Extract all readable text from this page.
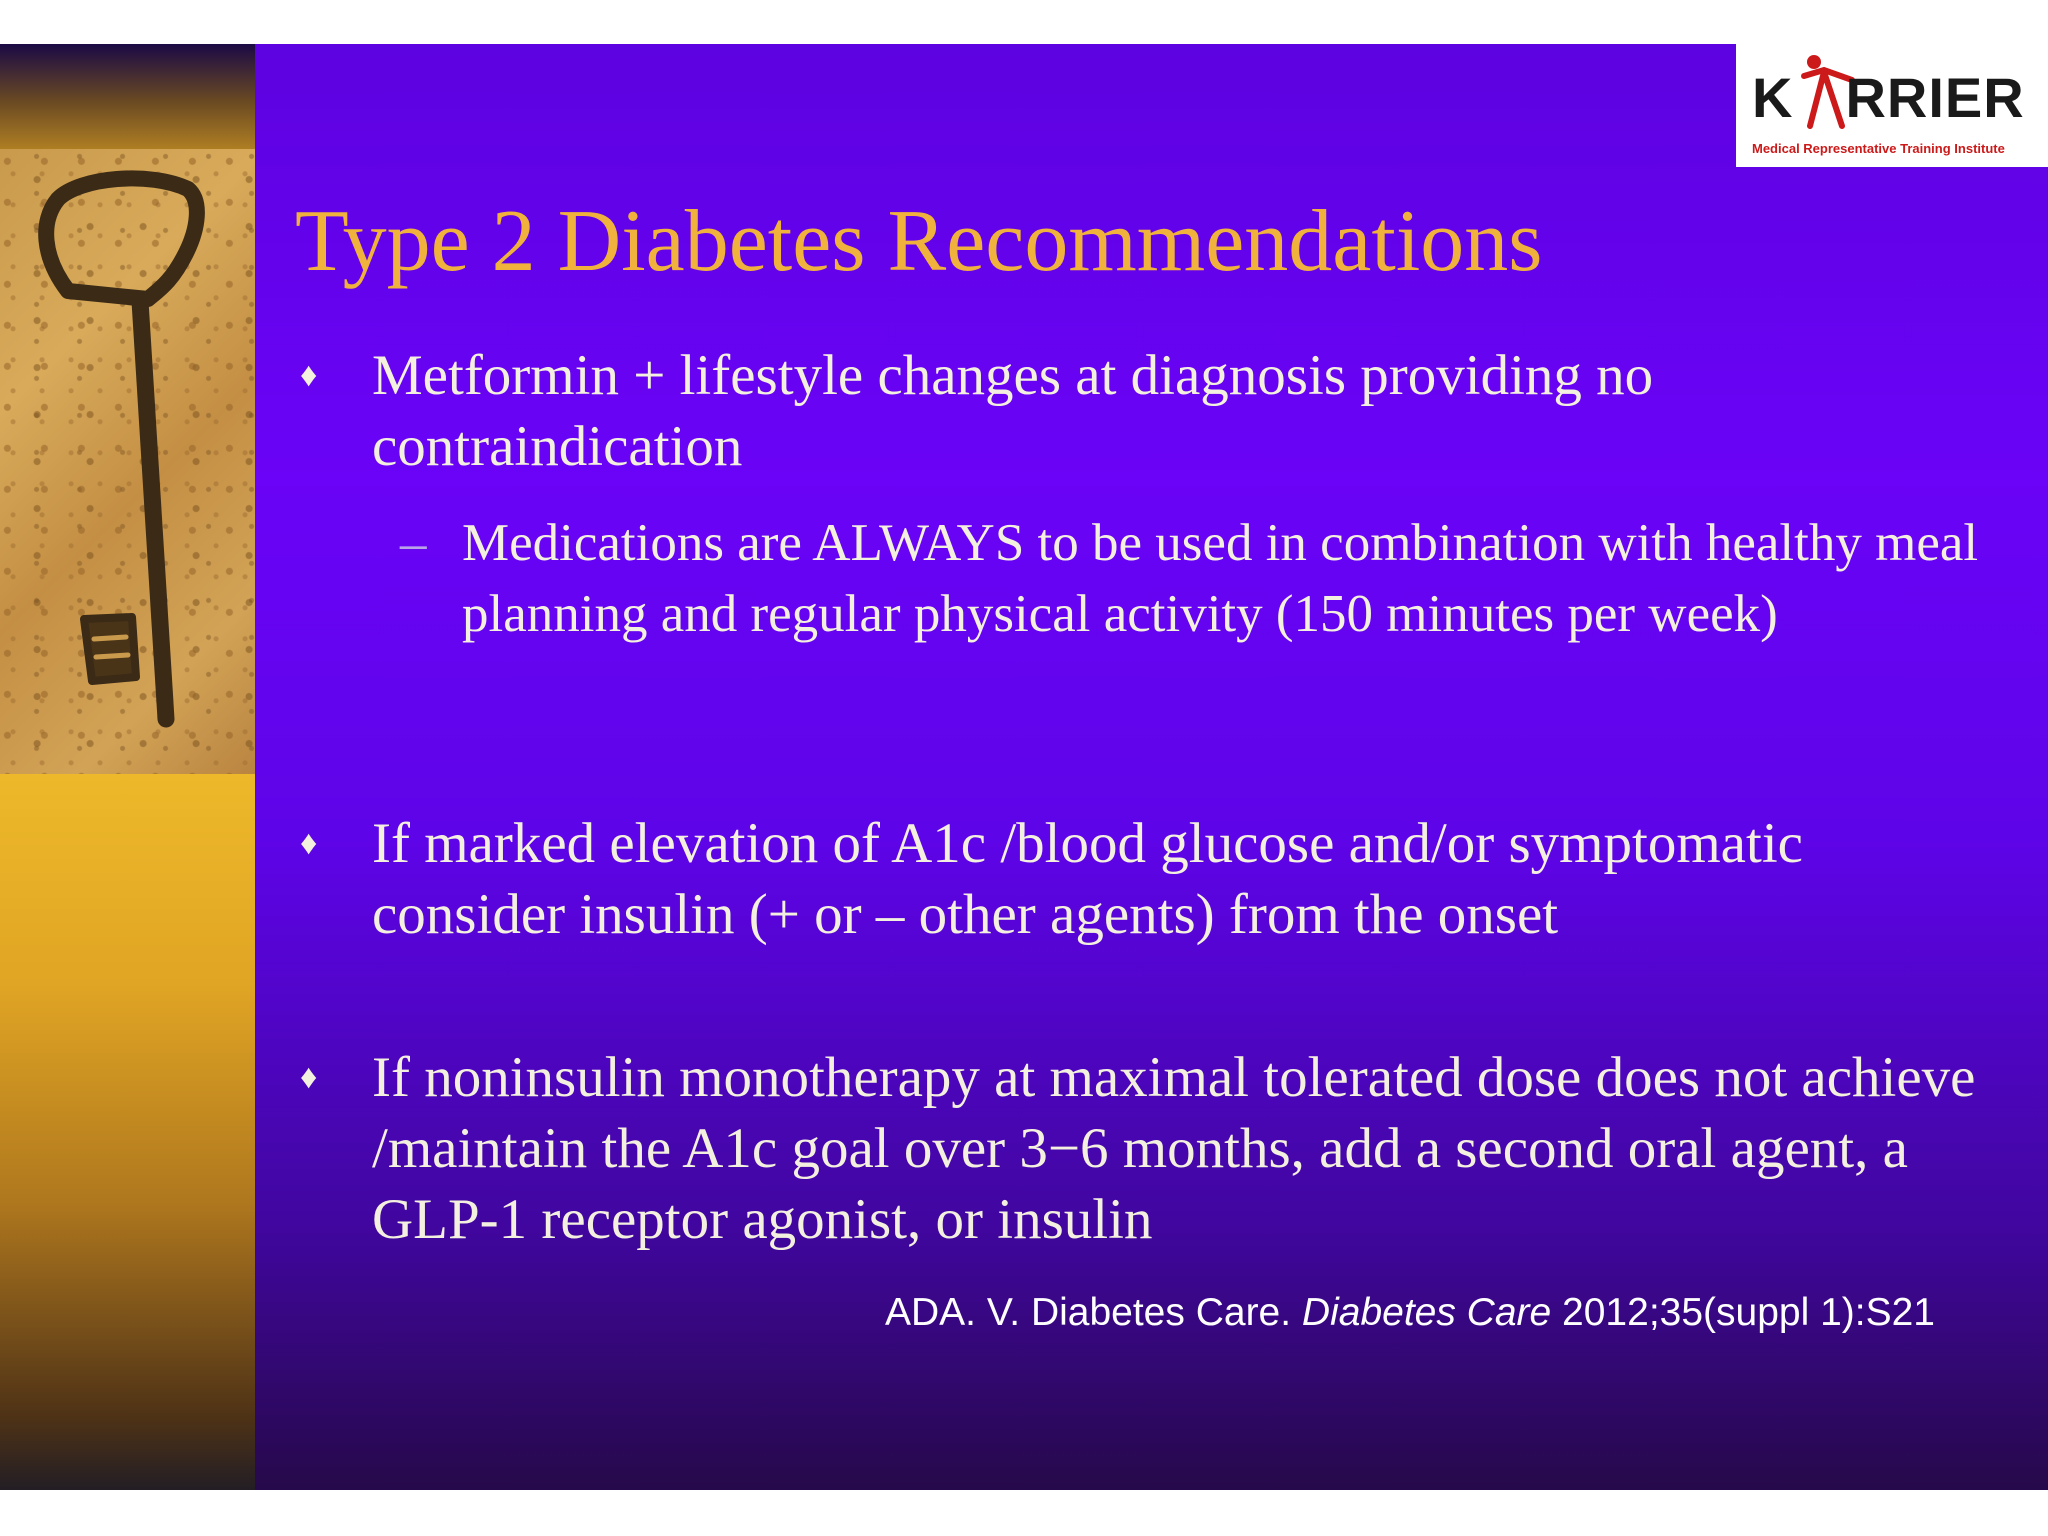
K RRIER
Medical Representative Training Institute
Type 2 Diabetes Recommendations
♦ Metformin + lifestyle changes at diagnosis providing no contraindication
– Medications are ALWAYS to be used in combination with healthy meal planning and regular physical activity (150 minutes per week)
♦ If marked elevation of A1c /blood glucose and/or symptomatic consider insulin (+ or – other agents) from the onset
♦ If noninsulin monotherapy at maximal tolerated dose does not achieve /maintain the A1c goal over 3−6 months, add a second oral agent, a GLP-1 receptor agonist, or insulin
ADA. V. Diabetes Care. Diabetes Care 2012;35(suppl 1):S21
